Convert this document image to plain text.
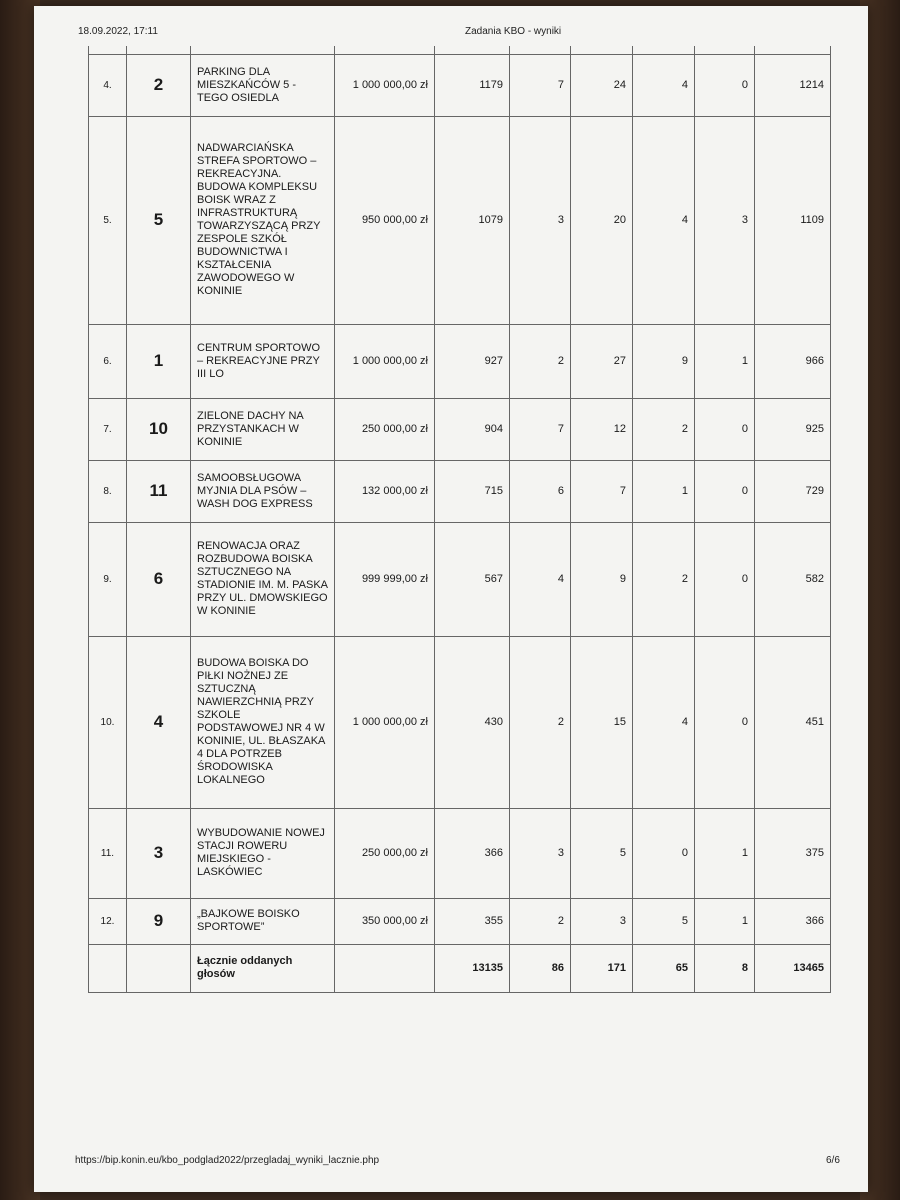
18.09.2022, 17:11	Zadania KBO - wyniki

4.	2	PARKING DLA MIESZKAŃCÓW 5 - TEGO OSIEDLA	1 000 000,00 zł	1179	7	24	4	0	1214
5.	5	NADWARCIAŃSKA STREFA SPORTOWO – REKREACYJNA. BUDOWA KOMPLEKSU BOISK WRAZ Z INFRASTRUKTURĄ TOWARZYSZĄCĄ PRZY ZESPOLE SZKÓŁ BUDOWNICTWA I KSZTAŁCENIA ZAWODOWEGO W KONINIE	950 000,00 zł	1079	3	20	4	3	1109
6.	1	CENTRUM SPORTOWO – REKREACYJNE PRZY III LO	1 000 000,00 zł	927	2	27	9	1	966
7.	10	ZIELONE DACHY NA PRZYSTANKACH W KONINIE	250 000,00 zł	904	7	12	2	0	925
8.	11	SAMOOBSŁUGOWA MYJNIA DLA PSÓW – WASH DOG EXPRESS	132 000,00 zł	715	6	7	1	0	729
9.	6	RENOWACJA ORAZ ROZBUDOWA BOISKA SZTUCZNEGO NA STADIONIE IM. M. PASKA PRZY UL. DMOWSKIEGO W KONINIE	999 999,00 zł	567	4	9	2	0	582
10.	4	BUDOWA BOISKA DO PIŁKI NOŻNEJ ZE SZTUCZNĄ NAWIERZCHNIĄ PRZY SZKOLE PODSTAWOWEJ NR 4 W KONINIE, UL. BŁASZAKA 4 DLA POTRZEB ŚRODOWISKA LOKALNEGO	1 000 000,00 zł	430	2	15	4	0	451
11.	3	WYBUDOWANIE NOWEJ STACJI ROWERU MIEJSKIEGO - LASKÓWIEC	250 000,00 zł	366	3	5	0	1	375
12.	9	„BAJKOWE BOISKO SPORTOWE”	350 000,00 zł	355	2	3	5	1	366
		Łącznie oddanych głosów		13135	86	171	65	8	13465
https://bip.konin.eu/kbo_podglad2022/przegladaj_wyniki_lacznie.php	6/6
